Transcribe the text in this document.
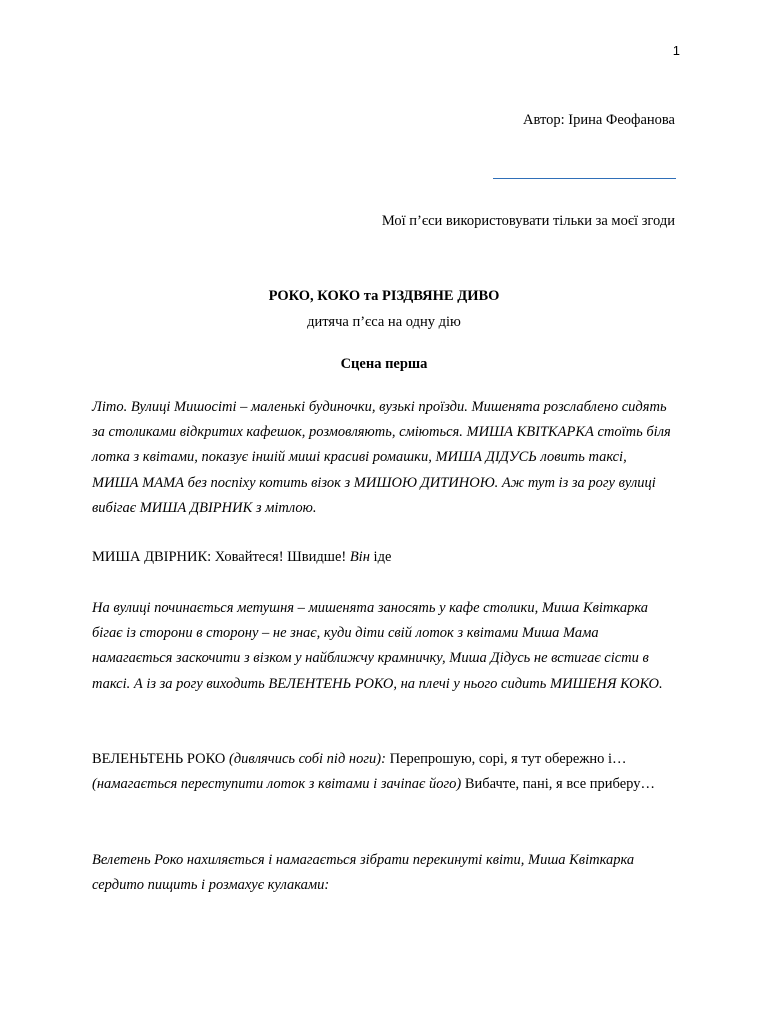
1
Автор: Ірина Феофанова
Мої п’єси використовувати тільки за моєї згоди
РОКО, КОКО та РІЗДВЯНЕ ДИВО
дитяча п’єса на одну дію
Сцена перша
Літо. Вулиці Мишосіті – маленькі будиночки, вузькі проїзди. Мишенята розслаблено сидять за столиками відкритих кафешок, розмовляють, сміються. МИША КВІТКАРКА стоїть біля лотка з квітами, показує іншій миші красиві ромашки, МИША ДІДУСЬ ловить таксі, МИША МАМА без поспіху котить візок з МИШОЮ ДИТИНОЮ. Аж тут із за рогу вулиці вибігає МИША ДВІРНИК з мітлою.
МИША ДВІРНИК: Ховайтеся! Швидше! Він іде
На вулиці починається метушня – мишенята заносять у кафе столики, Миша Квіткарка бігає із сторони в сторону – не знає, куди діти свій лоток з квітами Миша Мама намагається заскочити з візком у найближчу крамничку, Миша Дідусь не встигає сісти в таксі. А із за рогу виходить ВЕЛЕНТЕНЬ РОКО, на плечі у нього сидить МИШЕНЯ КОКО.
ВЕЛЕНЬТЕНЬ РОКО (дивлячись собі під ноги): Перепрошую, сорі, я тут обережно і… (намагається переступити лоток з квітами і зачіпає його) Вибачте, пані, я все приберу…
Велетень Роко нахиляється і намагається зібрати перекинуті квіти, Миша Квіткарка сердито пищить і розмахує кулаками:
